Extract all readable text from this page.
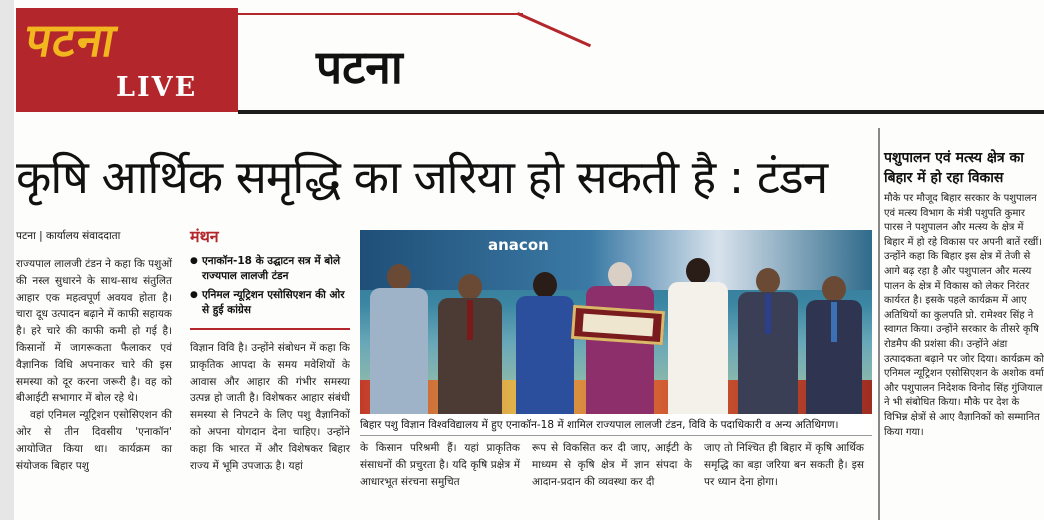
पटना
LIVE	पटना
कृषि आर्थिक समृद्धि का जरिया हो सकती है : टंडन
पटना | कार्यालय संवाददाता

राज्यपाल लालजी टंडन ने कहा कि पशुओं की नस्ल सुधारने के साथ-साथ संतुलित आहार एक महत्वपूर्ण अवयव होता है। चारा दूध उत्पादन बढ़ाने में काफी सहायक है। हरे चारे की काफी कमी हो गई है। किसानों में जागरूकता फैलाकर एवं वैज्ञानिक विधि अपनाकर चारे की इस समस्या को दूर करना जरूरी है। वह को बीआईटी सभागार में बोल रहे थे।

वहां एनिमल न्यूट्रिशन एसोसिएशन की ओर से तीन दिवसीय 'एनाकॉन' आयोजित किया था। कार्यक्रम का संयोजक बिहार पशु

मंथन
● एनाकॉन-18 के उद्घाटन सत्र में बोले राज्यपाल लालजी टंडन
● एनिमल न्यूट्रिशन एसोसिएशन की ओर से हुई कांग्रेस
विज्ञान विवि है। उन्होंने संबोधन में कहा कि प्राकृतिक आपदा के समय मवेशियों के आवास और आहार की गंभीर समस्या उत्पन्न हो जाती है। विशेषकर आहार संबंधी समस्या से निपटने के लिए पशु वैज्ञानिकों को अपना योगदान देना चाहिए। उन्होंने कहा कि भारत में और विशेषकर बिहार राज्य में भूमि उपजाऊ है। यहां
anacon
बिहार पशु विज्ञान विश्वविद्यालय में हुए एनाकॉन-18 में शामिल राज्यपाल लालजी टंडन, विवि के पदाधिकारी व अन्य अतिथिगण।
के किसान परिश्रमी हैं। यहां प्राकृतिक संसाधनों की प्रचुरता है। यदि कृषि प्रक्षेत्र में आधारभूत संरचना समुचित
रूप से विकसित कर दी जाए, आईटी के माध्यम से कृषि क्षेत्र में ज्ञान संपदा के आदान-प्रदान की व्यवस्था कर दी
जाए तो निश्चित ही बिहार में कृषि आर्थिक समृद्धि का बड़ा जरिया बन सकती है। इस पर ध्यान देना होगा।
पशुपालन एवं मत्स्य क्षेत्र का बिहार में हो रहा विकास
मौके पर मौजूद बिहार सरकार के पशुपालन एवं मत्स्य विभाग के मंत्री पशुपति कुमार पारस ने पशुपालन और मत्स्य के क्षेत्र में बिहार में हो रहे विकास पर अपनी बातें रखीं। उन्होंने कहा कि बिहार इस क्षेत्र में तेजी से आगे बढ़ रहा है और पशुपालन और मत्स्य पालन के क्षेत्र में विकास को लेकर निरंतर कार्यरत है। इसके पहले कार्यक्रम में आए अतिथियों का कुलपति प्रो. रामेश्वर सिंह ने स्वागत किया। उन्होंने सरकार के तीसरे कृषि रोडमैप की प्रशंसा की। उन्होंने अंडा उत्पादकता बढ़ाने पर जोर दिया। कार्यक्रम को एनिमल न्यूट्रिशन एसोसिएशन के अशोक वर्मा और पशुपालन निदेशक विनोद सिंह गुंजियाल ने भी संबोधित किया। मौके पर देश के विभिन्न क्षेत्रों से आए वैज्ञानिकों को सम्मानित किया गया।
